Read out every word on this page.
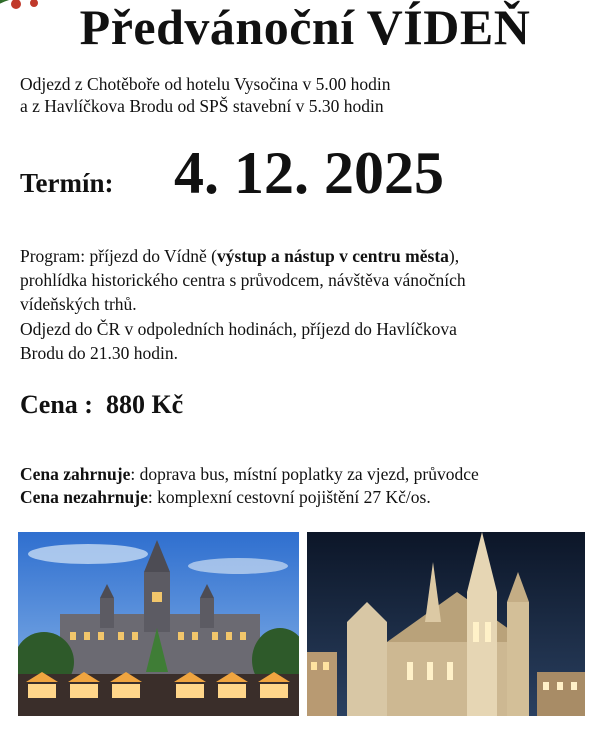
Předvánoční VÍDEŇ
Odjezd z Chotěboře od hotelu Vysočina v 5.00 hodin
a z Havlíčkova Brodu od SPŠ stavební v 5.30 hodin
Termín: 4. 12. 2025
Program: příjezd do Vídně (výstup a nástup v centru města),
prohlídka historického centra s průvodcem, návštěva vánočních
vídeňských trhů.
Odjezd do ČR v odpoledních hodinách, příjezd do Havlíčkova
Brodu do 21.30 hodin.
Cena : 880 Kč
Cena zahrnuje: doprava bus, místní poplatky za vjezd, průvodce
Cena nezahrnuje: komplexní cestovní pojištění 27 Kč/os.
